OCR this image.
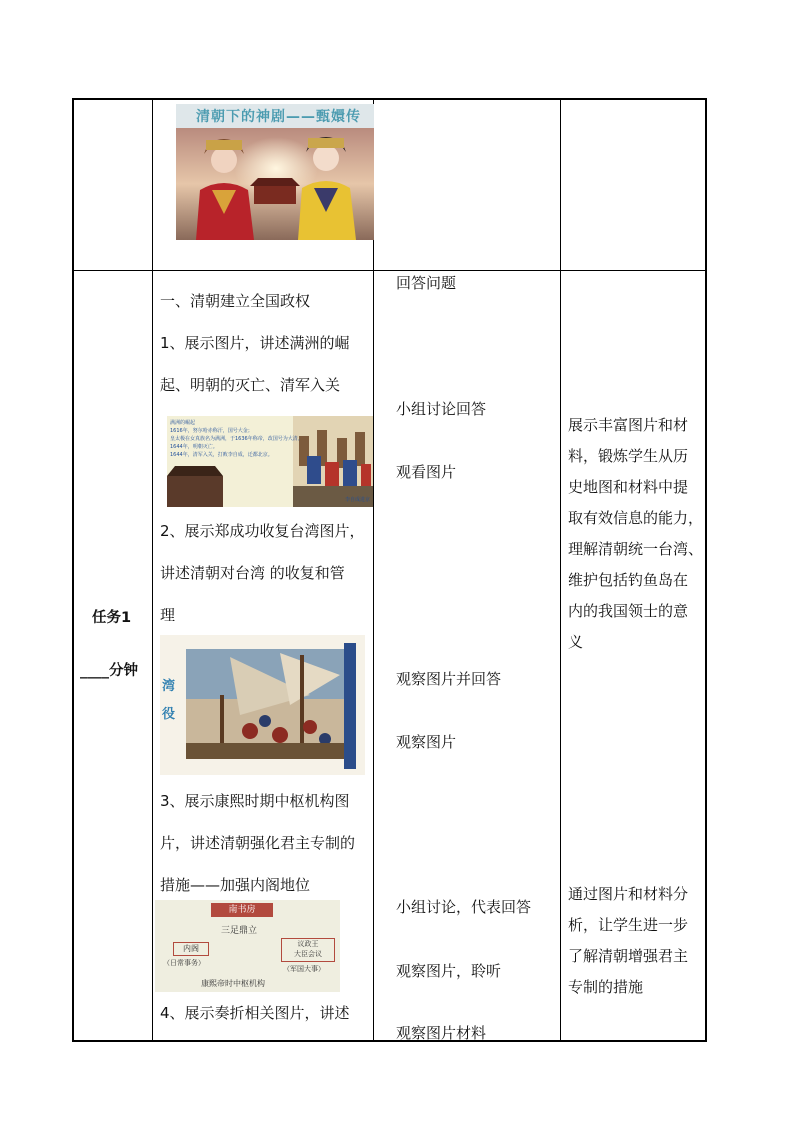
清朝下的神剧——甄嬛传
任务1
____分钟
一、清朝建立全国政权
1、展示图片，讲述满洲的崛
起、明朝的灭亡、清军入关
满洲的崛起
1616年，努尔哈赤称汗，国号大金；
皇太极在女真族名为满洲，于1636年称帝，改国号为大清。
1644年，明朝灭亡。
1644年，清军入关，打败李自成，迁都北京。
李自成进京
2、展示郑成功收复台湾图片，
讲述清朝对台湾 的收复和管
理
湾
役
3、展示康熙时期中枢机构图
片，讲述清朝强化君主专制的
措施——加强内阁地位
南书房
三足鼎立
内阁
（日常事务）
议政王
大臣会议
（军国大事）
康熙帝时中枢机构
4、展示奏折相关图片，讲述
回答问题
小组讨论回答
观看图片
观察图片并回答
观察图片
小组讨论，代表回答
观察图片，聆听
观察图片材料
展示丰富图片和材
料，锻炼学生从历
史地图和材料中提
取有效信息的能力，
理解清朝统一台湾、
维护包括钓鱼岛在
内的我国领士的意
义
通过图片和材料分
析，让学生进一步
了解清朝增强君主
专制的措施
